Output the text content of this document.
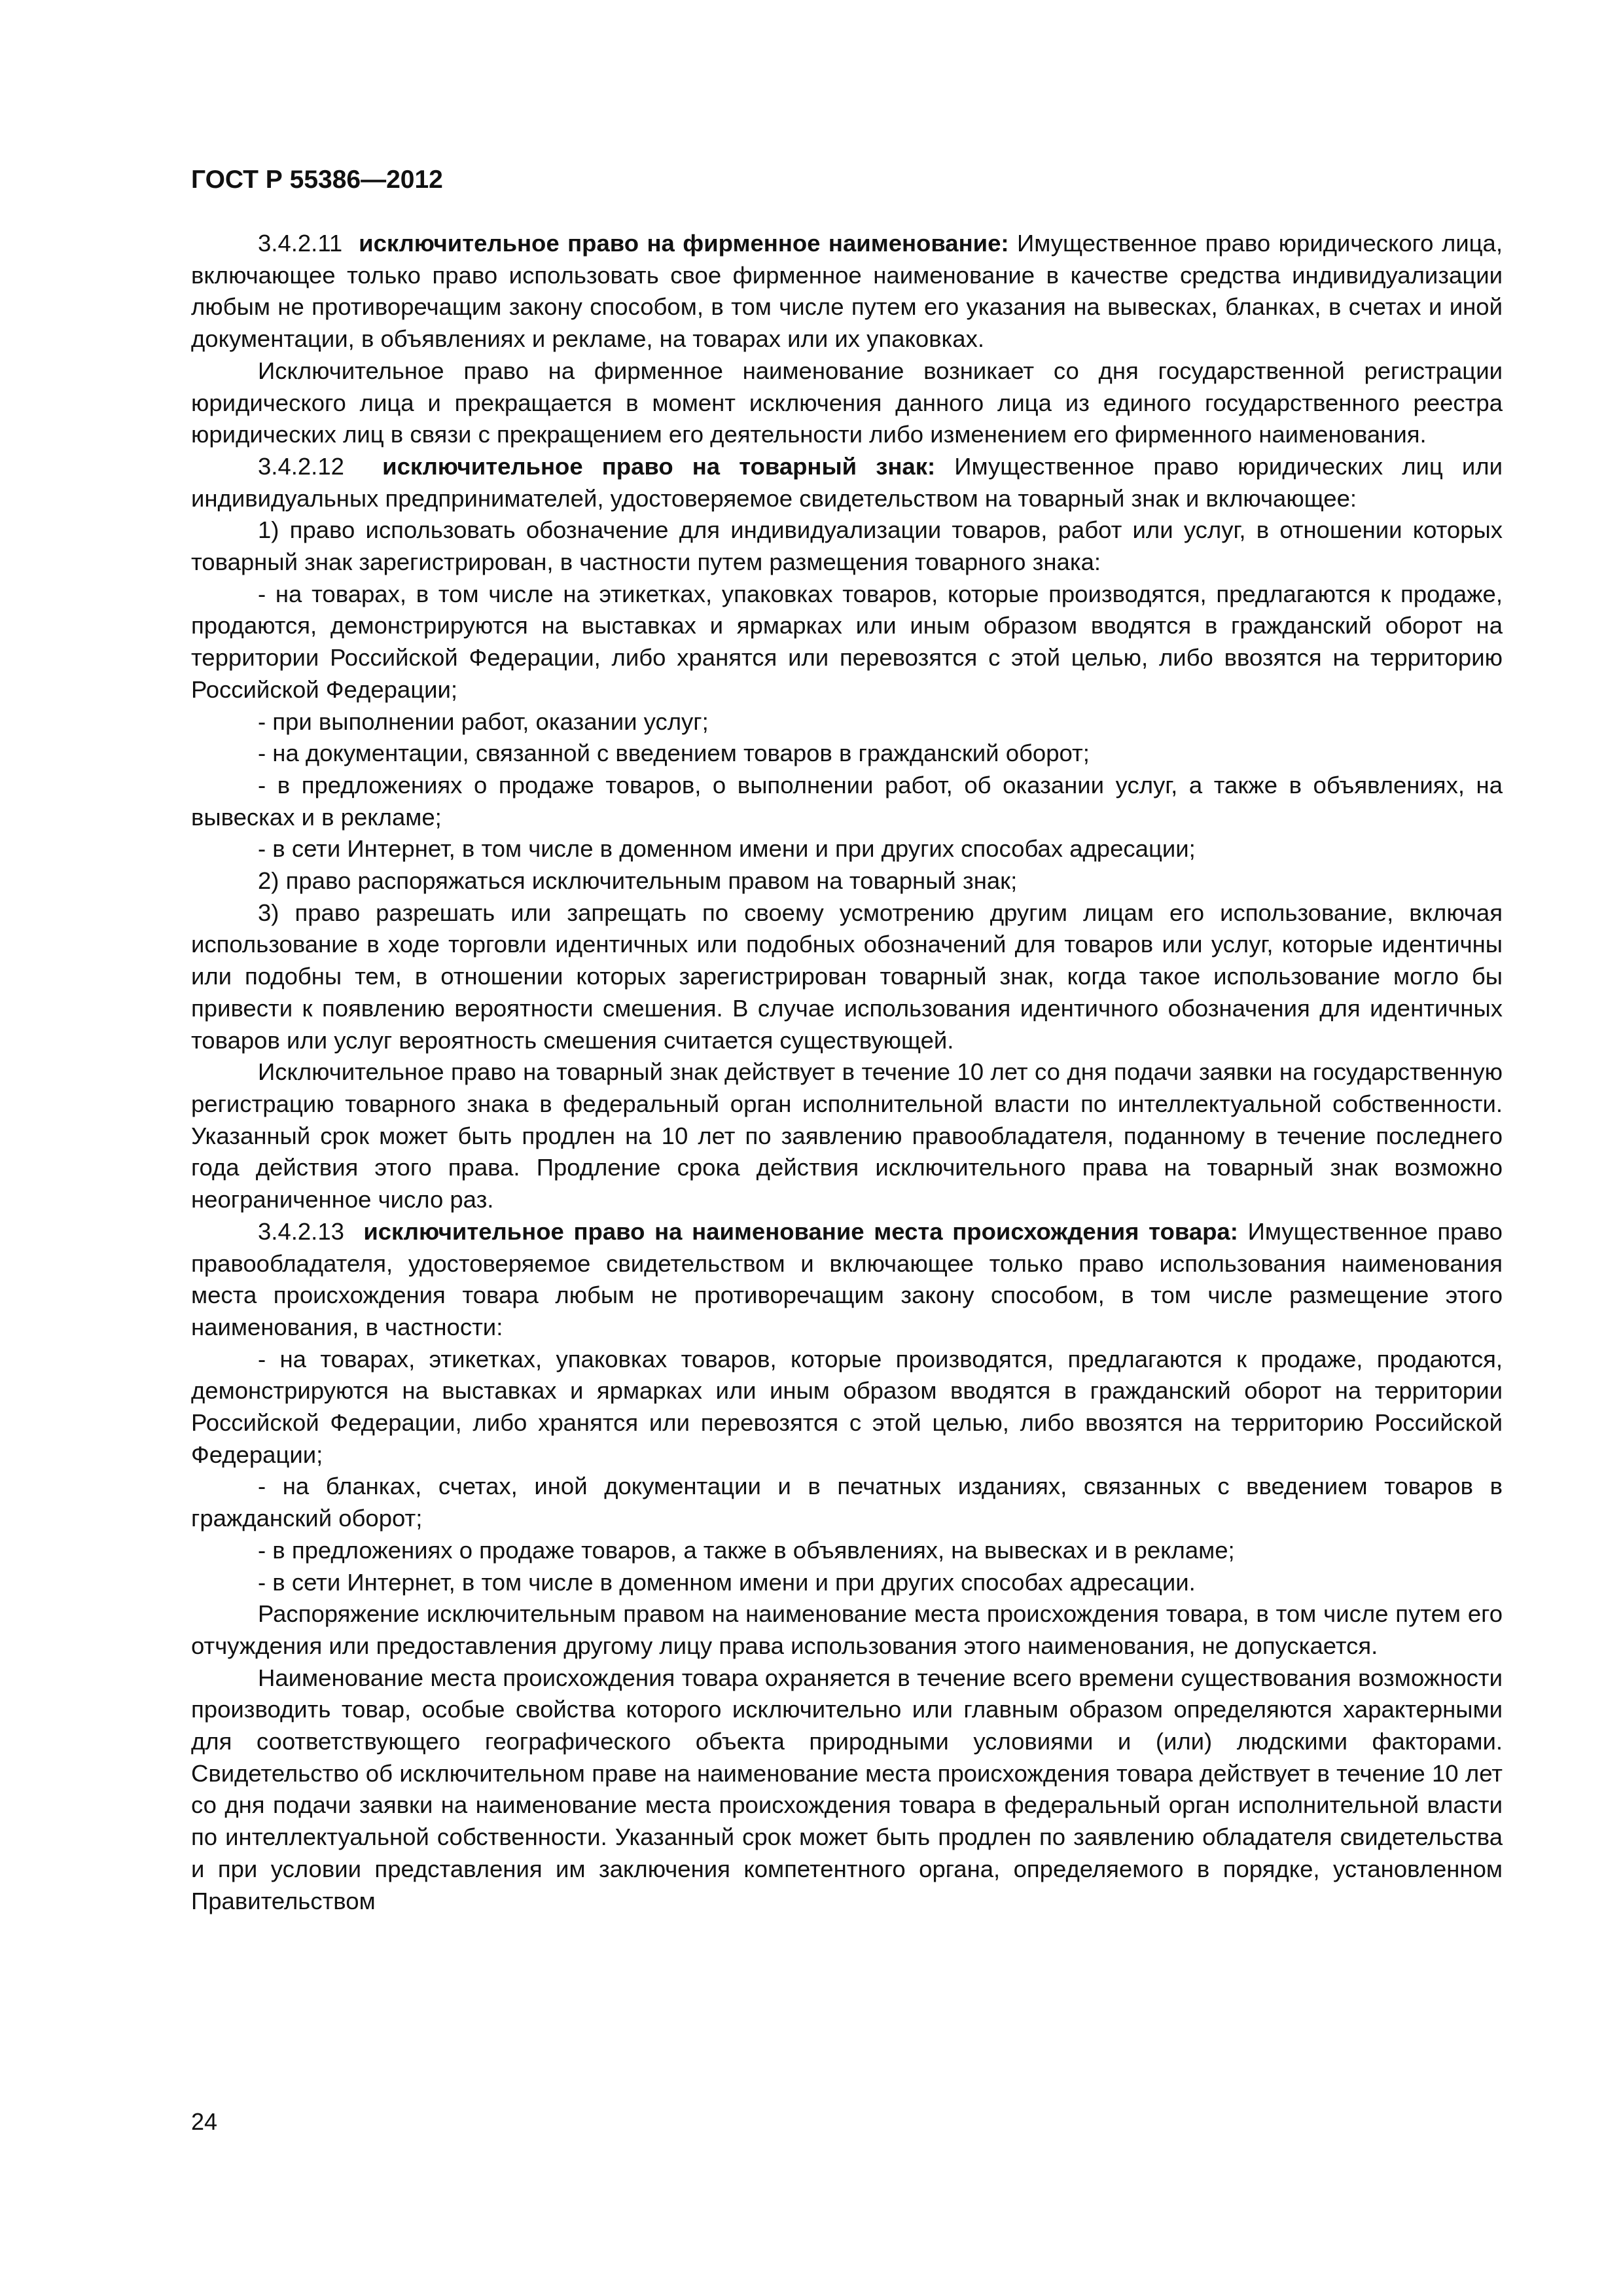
ГОСТ Р 55386—2012

3.4.2.11 исключительное право на фирменное наименование: Имущественное право юридического лица, включающее только право использовать свое фирменное наименование в качестве средства индивидуализации любым не противоречащим закону способом, в том числе путем его указания на вывесках, бланках, в счетах и иной документации, в объявлениях и рекламе, на товарах или их упаковках.

Исключительное право на фирменное наименование возникает со дня государственной регистрации юридического лица и прекращается в момент исключения данного лица из единого государственного реестра юридических лиц в связи с прекращением его деятельности либо изменением его фирменного наименования.

3.4.2.12 исключительное право на товарный знак: Имущественное право юридических лиц или индивидуальных предпринимателей, удостоверяемое свидетельством на товарный знак и включающее:

1) право использовать обозначение для индивидуализации товаров, работ или услуг, в отношении которых товарный знак зарегистрирован, в частности путем размещения товарного знака:

- на товарах, в том числе на этикетках, упаковках товаров, которые производятся, предлагаются к продаже, продаются, демонстрируются на выставках и ярмарках или иным образом вводятся в гражданский оборот на территории Российской Федерации, либо хранятся или перевозятся с этой целью, либо ввозятся на территорию Российской Федерации;

- при выполнении работ, оказании услуг;

- на документации, связанной с введением товаров в гражданский оборот;

- в предложениях о продаже товаров, о выполнении работ, об оказании услуг, а также в объявлениях, на вывесках и в рекламе;

- в сети Интернет, в том числе в доменном имени и при других способах адресации;

2) право распоряжаться исключительным правом на товарный знак;

3) право разрешать или запрещать по своему усмотрению другим лицам его использование, включая использование в ходе торговли идентичных или подобных обозначений для товаров или услуг, которые идентичны или подобны тем, в отношении которых зарегистрирован товарный знак, когда такое использование могло бы привести к появлению вероятности смешения. В случае использования идентичного обозначения для идентичных товаров или услуг вероятность смешения считается существующей.

Исключительное право на товарный знак действует в течение 10 лет со дня подачи заявки на государственную регистрацию товарного знака в федеральный орган исполнительной власти по интеллектуальной собственности. Указанный срок может быть продлен на 10 лет по заявлению правообладателя, поданному в течение последнего года действия этого права. Продление срока действия исключительного права на товарный знак возможно неограниченное число раз.

3.4.2.13 исключительное право на наименование места происхождения товара: Имущественное право правообладателя, удостоверяемое свидетельством и включающее только право использования наименования места происхождения товара любым не противоречащим закону способом, в том числе размещение этого наименования, в частности:

- на товарах, этикетках, упаковках товаров, которые производятся, предлагаются к продаже, продаются, демонстрируются на выставках и ярмарках или иным образом вводятся в гражданский оборот на территории Российской Федерации, либо хранятся или перевозятся с этой целью, либо ввозятся на территорию Российской Федерации;

- на бланках, счетах, иной документации и в печатных изданиях, связанных с введением товаров в гражданский оборот;

- в предложениях о продаже товаров, а также в объявлениях, на вывесках и в рекламе;

- в сети Интернет, в том числе в доменном имени и при других способах адресации.

Распоряжение исключительным правом на наименование места происхождения товара, в том числе путем его отчуждения или предоставления другому лицу права использования этого наименования, не допускается.

Наименование места происхождения товара охраняется в течение всего времени существования возможности производить товар, особые свойства которого исключительно или главным образом определяются характерными для соответствующего географического объекта природными условиями и (или) людскими факторами. Свидетельство об исключительном праве на наименование места происхождения товара действует в течение 10 лет со дня подачи заявки на наименование места происхождения товара в федеральный орган исполнительной власти по интеллектуальной собственности. Указанный срок может быть продлен по заявлению обладателя свидетельства и при условии представления им заключения компетентного органа, определяемого в порядке, установленном Правительством

24
